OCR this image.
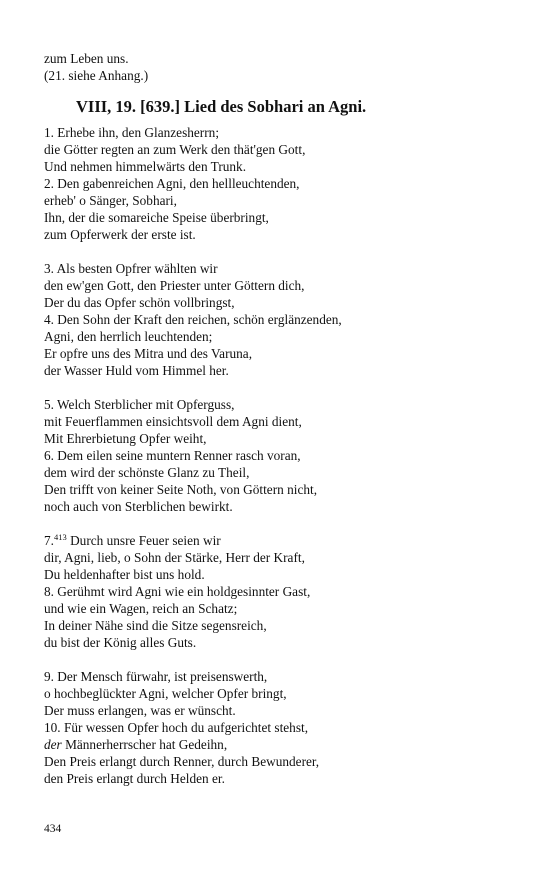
zum Leben uns.
(21. siehe Anhang.)
VIII, 19. [639.] Lied des Sobhari an Agni.
1. Erhebe ihn, den Glanzesherrn;
die Götter regten an zum Werk den thät'gen Gott,
Und nehmen himmelwärts den Trunk.
2. Den gabenreichen Agni, den hellleuchtenden,
erheb' o Sänger, Sobhari,
Ihn, der die somareiche Speise überbringt,
zum Opferwerk der erste ist.
3. Als besten Opfrer wählten wir
den ew'gen Gott, den Priester unter Göttern dich,
Der du das Opfer schön vollbringst,
4. Den Sohn der Kraft den reichen, schön erglänzenden,
Agni, den herrlich leuchtenden;
Er opfre uns des Mitra und des Varuna,
der Wasser Huld vom Himmel her.
5. Welch Sterblicher mit Opferguss,
mit Feuerflammen einsichtsvoll dem Agni dient,
Mit Ehrerbietung Opfer weiht,
6. Dem eilen seine muntern Renner rasch voran,
dem wird der schönste Glanz zu Theil,
Den trifft von keiner Seite Noth, von Göttern nicht,
noch auch von Sterblichen bewirkt.
7.$^{413}$ Durch unsre Feuer seien wir
dir, Agni, lieb, o Sohn der Stärke, Herr der Kraft,
Du heldenhafter bist uns hold.
8. Gerühmt wird Agni wie ein holdgesinnter Gast,
und wie ein Wagen, reich an Schatz;
In deiner Nähe sind die Sitze segensreich,
du bist der König alles Guts.
9. Der Mensch fürwahr, ist preisenswerth,
o hochbeglückter Agni, welcher Opfer bringt,
Der muss erlangen, was er wünscht.
10. Für wessen Opfer hoch du aufgerichtet stehst,
der Männerherrscher hat Gedeihn,
Den Preis erlangt durch Renner, durch Bewunderer,
den Preis erlangt durch Helden er.
434
